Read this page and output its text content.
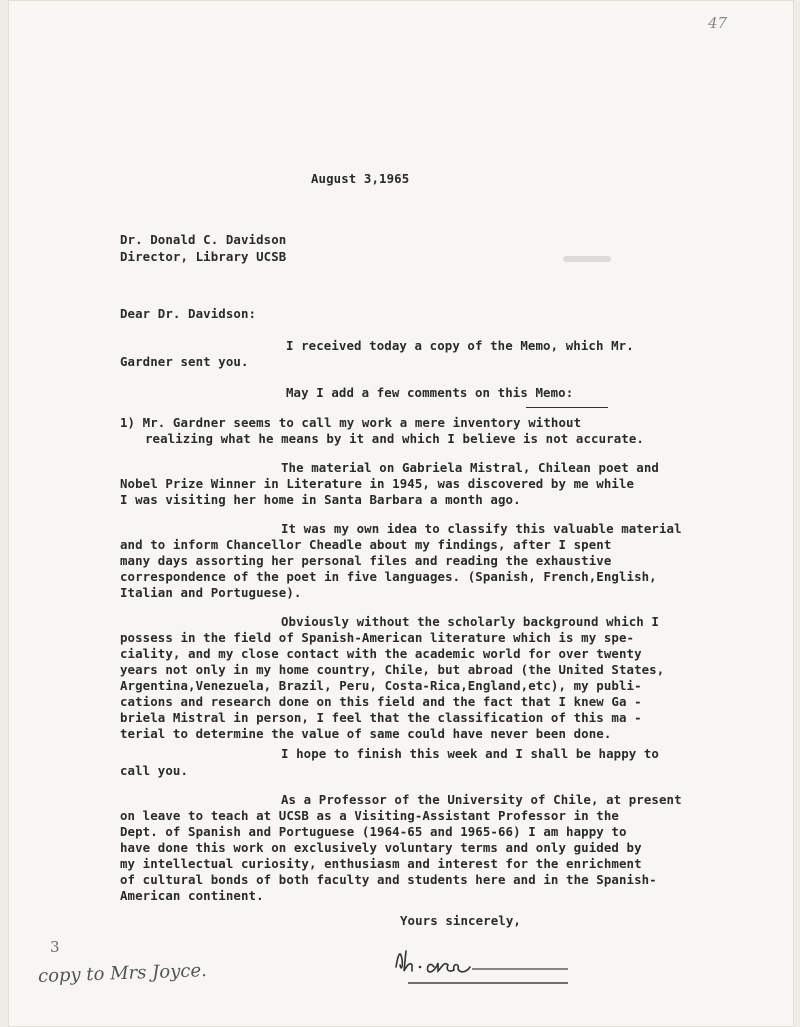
47
August 3,1965
Dr. Donald C. Davidson
Director, Library UCSB
Dear Dr. Davidson:
I received today a copy of the Memo, which Mr.
Gardner sent you.
May I add a few comments on this Memo:
1) Mr. Gardner seems to call my work a mere inventory without
realizing what he means by it and which I believe is not accurate.
The material on Gabriela Mistral, Chilean poet and
Nobel Prize Winner in Literature in 1945, was discovered by me while
I was visiting her home in Santa Barbara a month ago.
It was my own idea to classify this valuable material
and to inform Chancellor Cheadle about my findings, after I spent
many days assorting her personal files and reading the exhaustive
correspondence of the poet in five languages. (Spanish, French,English,
Italian and Portuguese).
Obviously without the scholarly background which I
possess in the field of Spanish-American literature which is my spe-
ciality, and my close contact with the academic world for over twenty
years not only in my home country, Chile, but abroad (the United States,
Argentina,Venezuela, Brazil, Peru, Costa-Rica,England,etc), my publi-
cations and research done on this field and the fact that I knew Ga -
briela Mistral in person, I feel that the classification of this ma -
terial to determine the value of same could have never been done.
I hope to finish this week and I shall be happy to
call you.
As a Professor of the University of Chile, at present
on leave to teach at UCSB as a Visiting-Assistant Professor in the
Dept. of Spanish and Portuguese (1964-65 and 1965-66) I am happy to
have done this work on exclusively voluntary terms and only guided by
my intellectual curiosity, enthusiasm and interest for the enrichment
of cultural bonds of both faculty and students here and in the Spanish-
American continent.
Yours sincerely,
3
copy to Mrs Joyce.
